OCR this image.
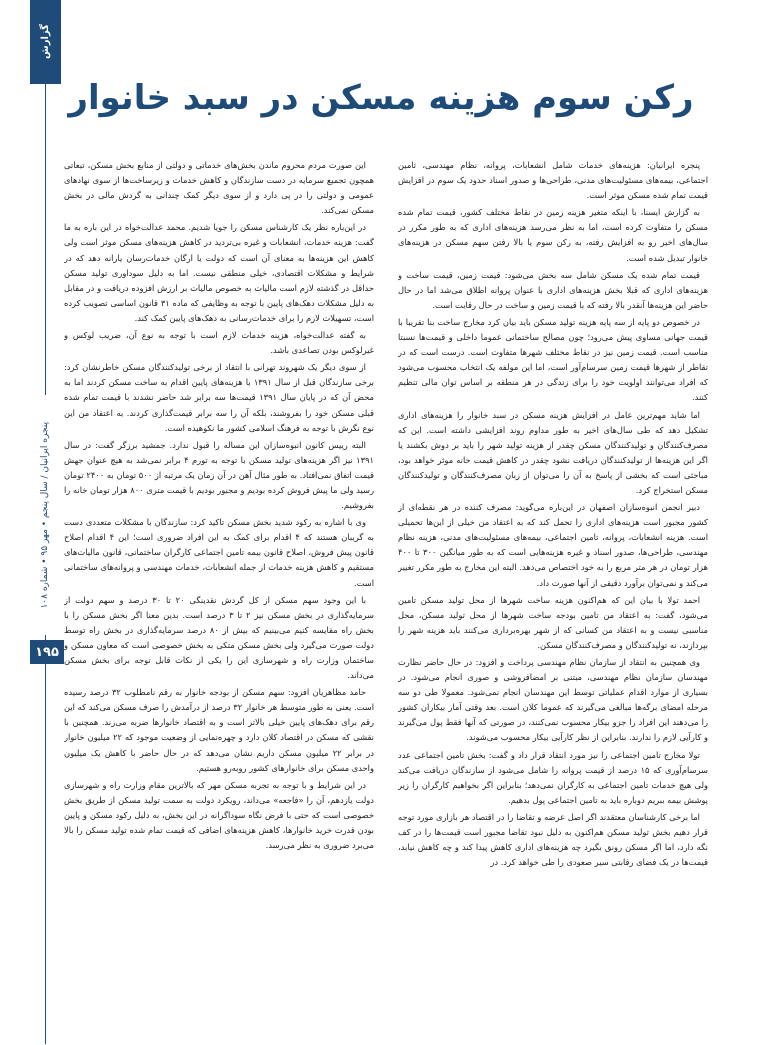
گزارش
پنجره ایرانیان / سال پنجم • مهر ۹۵ • شماره ۱۰۸
۱۹۵
رکن سوم هزینه مسکن در سبد خانوار

پنجره ایرانیان: هزینه‌های خدمات شامل انشعابات، پروانه، نظام مهندسی، تامین اجتماعی، بیمه‌های مسئولیت‌های مدنی، طراحی‌ها و صدور اسناد حدود یک سوم در افزایش قیمت تمام شده مسکن موثر است.

به گزارش ایسنا، با اینکه متغیر هزینه زمین در نقاط مختلف کشور، قیمت تمام شده مسکن را متفاوت کرده است، اما به نظر می‌رسد هزینه‌های اداری که به طور مکرر در سال‌های اخیر رو به افزایش رفته، به رکن سوم یا بالا رفتن سهم مسکن در هزینه‌های خانوار تبدیل شده است.

قیمت تمام شده یک مسکن شامل سه بخش می‌شود: قیمت زمین، قیمت ساخت و هزینه‌های اداری که قبلا بخش هزینه‌های اداری با عنوان پروانه اطلاق می‌شد اما در حال حاضر این هزینه‌ها آنقدر بالا رفته که با قیمت زمین و ساخت در حال رقابت است.

در خصوص دو پایه از سه پایه هزینه تولید مسکن باید بیان کرد مخارج ساخت بنا تقریبا با قیمت جهانی مساوی پیش می‌رود؛ چون مصالح ساختمانی عموما داخلی و قیمت‌ها نسبتا مناسب است. قیمت زمین نیز در نقاط مختلف شهرها متفاوت است. درست است که در تقاطر از شهرها قیمت زمین سرسام‌آور است، اما این مولفه یک انتخاب محسوب می‌شود که افراد می‌توانند اولویت خود را برای زندگی در هر منطقه بر اساس توان مالی تنظیم کنند.

اما شاید مهم‌ترین عامل در افزایش هزینه مسکن در سبد خانوار را هزینه‌های اداری تشکیل دهد که طی سال‌های اخیر به طور مداوم روند افزایشی داشته است. این که مصرف‌کنندگان و تولیدکنندگان مسکن چقدر از هزینه تولید شهر را باید بر دوش بکشند یا اگر این هزینه‌ها از تولیدکنندگان دریافت نشود چقدر در کاهش قیمت خانه موثر خواهد بود، مباحثی است که بخشی از پاسخ به آن را می‌توان از زبان مصرف‌کنندگان و تولیدکنندگان مسکن استخراج کرد.

دبیر انجمن انبوه‌سازان اصفهان در این‌باره می‌گوید: مصرف کننده در هر نقطه‌ای از کشور مجبور است هزینه‌های اداری را تحمل کند که به اعتقاد من خیلی از این‌ها تحمیلی است. هزینه انشعابات، پروانه، تامین اجتماعی، بیمه‌های مسئولیت‌های مدنی، هزینه نظام مهندسی، طراحی‌ها، صدور اسناد و غیره هزینه‌هایی است که به طور میانگین ۳۰۰ تا ۴۰۰ هزار تومان در هر متر مربع را به خود اختصاص می‌دهد. البته این مخارج به طور مکرر تغییر می‌کند و نمی‌توان برآورد دقیقی از آنها صورت داد.

احمد تولا با بیان این که هم‌اکنون هزینه ساخت شهرها از محل تولید مسکن تامین می‌شود، گفت: به اعتقاد من تامین بودجه ساخت شهرها از محل تولید مسکن، محل مناسبی نیست و به اعتقاد من کسانی که از شهر بهره‌برداری می‌کنند باید هزینه شهر را بپردازند، نه تولیدکنندگان و مصرف‌کنندگان مسکن.

وی همچنین به انتقاد از سازمان نظام مهندسی پرداخت و افزود: در حال حاضر نظارت مهندسان سازمان نظام مهندسی، مبتنی بر امضافروشی و صوری انجام می‌شود. در بسیاری از موارد اقدام عملیاتی توسط این مهندسان انجام نمی‌شود. معمولا طی دو سه مرحله امضای برگه‌ها مبالغی می‌گیرند که عموما کلان است. بعد وقتی آمار بیکاران کشور را می‌دهند این افراد را جزو بیکار محسوب نمی‌کنند، در صورتی که آنها فقط پول می‌گیرند و کارآیی لازم را ندارند. بنابراین از نظر کارآیی بیکار محسوب می‌شوند.

تولا مخارج تامین اجتماعی را نیز مورد انتقاد قرار داد و گفت: بخش تامین اجتماعی عدد سرسام‌آوری که ۱۵ درصد از قیمت پروانه را شامل می‌شود از سازندگان دریافت می‌کند ولی هیچ خدمات تامین اجتماعی به کارگران نمی‌دهد؛ بنابراین اگر بخواهیم کارگران را زیر پوشش بیمه ببریم دوباره باید به تامین اجتماعی پول بدهیم.

اما برخی کارشناسان معتقدند اگر اصل عرضه و تقاضا را در اقتصاد هر بازاری مورد توجه قرار دهیم بخش تولید مسکن هم‌اکنون به دلیل نبود تقاضا مجبور است قیمت‌ها را در کف نگه دارد، اما اگر مسکن رونق بگیرد چه هزینه‌های اداری کاهش پیدا کند و چه کاهش نیابد، قیمت‌ها در یک فضای رقابتی سیر صعودی را طی خواهد کرد. در

این صورت مردم محروم ماندن بخش‌های خدماتی و دولتی از منابع بخش مسکن، تبعاتی همچون تجمیع سرمایه در دست سازندگان و کاهش خدمات و زیرساخت‌ها از سوی نهادهای عمومی و دولتی را در پی دارد و از سوی دیگر کمک چندانی به گردش مالی در بخش مسکن نمی‌کند.

در این‌باره نظر یک کارشناس مسکن را جویا شدیم. محمد عدالت‌خواه در این باره به ما گفت: هزینه خدمات، انشعابات و غیره بی‌تردید در کاهش هزینه‌های مسکن موثر است ولی کاهش این هزینه‌ها به معنای آن است که دولت یا ارگان خدمات‌رسان یارانه دهد که در شرایط و مشکلات اقتصادی، خیلی منطقی نیست. اما به دلیل سوداوری تولید مسکن حداقل در گذشته لازم است مالیات به خصوص مالیات بر ارزش افزوده دریافت و در مقابل به دلیل مشکلات دهک‌های پایین با توجه به وظایفی که ماده ۳۱ قانون اساسی تصویب کرده است، تسهیلات لازم را برای خدمات‌رسانی به دهک‌های پایین کمک کند.

به گفته عدالت‌خواه، هزینه خدمات لازم است با توجه به نوع آن، ضریب لوکس و غیرلوکس بودن تصاعدی باشد.

از سوی دیگر یک شهروند تهرانی با انتقاد از برخی تولیدکنندگان مسکن خاطرنشان کرد: برخی سازندگان قبل از سال ۱۳۹۱ با هزینه‌های پایین اقدام به ساخت مسکن کردند اما به محض آن که در پایان سال ۱۳۹۱ قیمت‌ها سه برابر شد حاضر نشدند با قیمت تمام شده قبلی مسکن خود را بفروشند، بلکه آن را سه برابر قیمت‌گذاری کردند. به اعتقاد من این نوع نگرش با توجه به فرهنگ اسلامی کشور ما نکوهیده است.

البته رییس کانون انبوه‌سازان این مساله را قبول ندارد. جمشید برزگر گفت: در سال ۱۳۹۱ نیز اگر هزینه‌های تولید مسکن با توجه به تورم ۴ برابر نمی‌شد به هیچ عنوان جهش قیمت اتفاق نمی‌افتاد. به طور مثال آهن در آن زمان یک مرتبه از ۵۰۰ تومان به ۲۴۰۰ تومان رسید ولی ما پیش فروش کرده بودیم و مجبور بودیم با قیمت متری ۸۰۰ هزار تومان خانه را بفروشیم.

وی با اشاره به رکود شدید بخش مسکن تاکید کرد: سازندگان با مشکلات متعددی دست به گریبان هستند که ۴ اقدام برای کمک به این افراد ضروری است؛ این ۴ اقدام اصلاح قانون پیش فروش، اصلاح قانون بیمه تامین اجتماعی کارگران ساختمانی، قانون مالیات‌های مستقیم و کاهش هزینه خدمات از جمله انشعابات، خدمات مهندسی و پروانه‌های ساختمانی است.

با این وجود سهم مسکن از کل گردش نقدینگی ۲۰ تا ۳۰ درصد و سهم دولت از سرمایه‌گذاری در بخش مسکن نیز ۲ تا ۳ درصد است. بدین معنا اگر بخش مسکن را با بخش راه مقایسه کنیم می‌بینیم که بیش از ۸۰ درصد سرمایه‌گذاری در بخش راه توسط دولت صورت می‌گیرد ولی بخش مسکن متکی به بخش خصوصی است که معاون مسکن و ساختمان وزارت راه و شهرسازی این را یکی از نکات قابل توجه برای بخش مسکن می‌داند.

حامد مظاهریان افزود: سهم مسکن از بودجه خانوار به رقم نامطلوب ۳۲ درصد رسیده است. یعنی به طور متوسط هر خانوار ۳۲ درصد از درآمدش را صرف مسکن می‌کند که این رقم برای دهک‌های پایین خیلی بالاتر است و به اقتصاد خانوارها ضربه می‌زند. همچنین با نقشی که مسکن در اقتصاد کلان دارد و چهره‌نمایی از وضعیت موجود که ۲۲ میلیون خانوار در برابر ۲۲ میلیون مسکن داریم نشان می‌دهد که در حال حاضر با کاهش یک میلیون واحدی مسکن برای خانوارهای کشور روبه‌رو هستیم.

در این شرایط و با توجه به تجربه مسکن مهر که بالاترین مقام وزارت راه و شهرسازی دولت یازدهم، آن را «فاجعه» می‌داند، رویکرد دولت به سمت تولید مسکن از طریق بخش خصوصی است که حتی با فرض نگاه سوداگرانه در این بخش، به دلیل رکود مسکن و پایین بودن قدرت خرید خانوارها، کاهش هزینه‌های اضافی که قیمت تمام شده تولید مسکن را بالا می‌برد ضروری به نظر می‌رسد.
